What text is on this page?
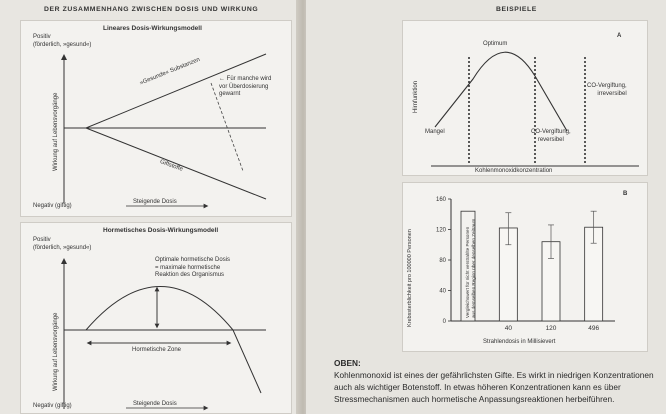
DER ZUSAMMENHANG ZWISCHEN DOSIS UND WIRKUNG
Lineares Dosis-Wirkungsmodell
Positiv
(förderlich, »gesund«)
Wirkung auf Lebensvorgänge
»Gesunde« Substanzen	← Für manche wird
vor Überdosierung
gewarnt
Giftstoffe
Steigende Dosis
Negativ (giftig)
Hormetisches Dosis-Wirkungsmodell
Positiv
(förderlich, »gesund«)
Wirkung auf Lebensvorgänge
Optimale hormetische Dosis
= maximale hormetische
Reaktion des Organismus
Hormetische Zone
Steigende Dosis
Negativ (giftig)
BEISPIELE
A
Optimum
Hirnfunktion
Mangel	CO-Vergiftung,
reversibel
CO-Vergiftung,
irreversibel
Kohlenmonoxidkonzentration
B
Krebssterblichkeit pro 100000 Personen	0
40
80
120
160
40	120	496
Vergleichswert für nicht verstrahlte Personen
aus demselben Region über denselben Zeitraum
Strahlendosis in Millisievert
OBEN:
Kohlenmonoxid ist eines der gefährlichsten Gifte. Es wirkt in niedrigen Konzentrationen auch als wichtiger Botenstoff. In etwas höheren Konzentrationen kann es über Stressmechanismen auch hormetische Anpassungsreaktionen herbeiführen.
